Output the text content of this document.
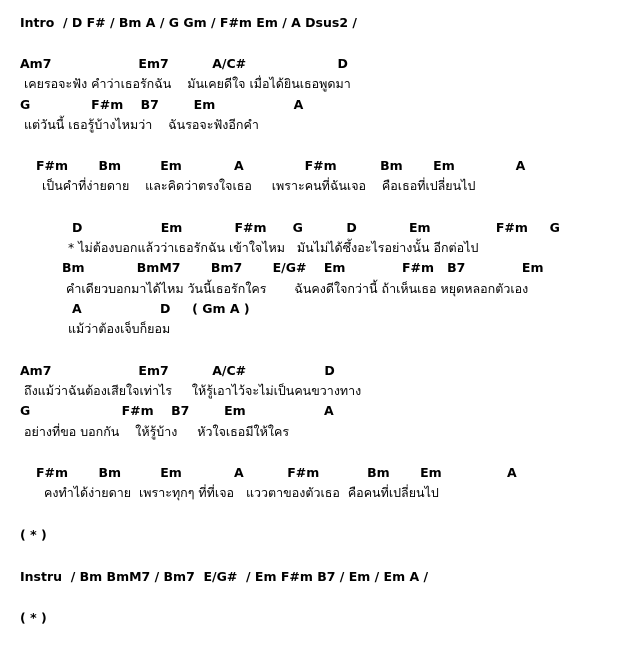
Intro  / D F# / Bm A / G Gm / F#m Em / A Dsus2 /
Am7                    Em7          A/C#                     D
เคยรอจะฟัง คำว่าเธอรักฉัน    มันเคยดีใจ เมื่อได้ยินเธอพูดมา
G              F#m    B7        Em                  A
แต่วันนี้ เธอรู้บ้างไหมว่า    ฉันรอจะฟังอีกคำ
F#m       Bm         Em            A              F#m          Bm       Em              A
เป็นคำที่ง่ายดาย    และคิดว่าตรงใจเธอ     เพราะคนที่ฉันเจอ    คือเธอที่เปลี่ยนไป
D                  Em            F#m      G          D            Em               F#m     G
* ไม่ต้องบอกแล้วว่าเธอรักฉัน เข้าใจไหม   มันไม่ได้ซึ้งอะไรอย่างนั้น อีกต่อไป
Bm            BmM7       Bm7       E/G#    Em             F#m   B7             Em
คำเดียวบอกมาได้ไหม วันนี้เธอรักใคร       ฉันคงดีใจกว่านี้ ถ้าเห็นเธอ หยุดหลอกตัวเอง
A                  D     ( Gm A )
แม้ว่าต้องเจ็บก็ยอม
Am7                    Em7          A/C#                  D
ถึงแม้ว่าฉันต้องเสียใจเท่าไร     ให้รู้เอาไว้จะไม่เป็นคนขวางทาง
G                     F#m    B7        Em                  A
อย่างที่ขอ บอกกัน    ให้รู้บ้าง     หัวใจเธอมีให้ใคร
F#m       Bm         Em            A          F#m           Bm       Em               A
คงทำได้ง่ายดาย  เพราะทุกๆ ที่ที่เจอ   แววตาของตัวเธอ  คือคนที่เปลี่ยนไป
( * )
Instru  / Bm BmM7 / Bm7  E/G#  / Em F#m B7 / Em / Em A /
( * )
